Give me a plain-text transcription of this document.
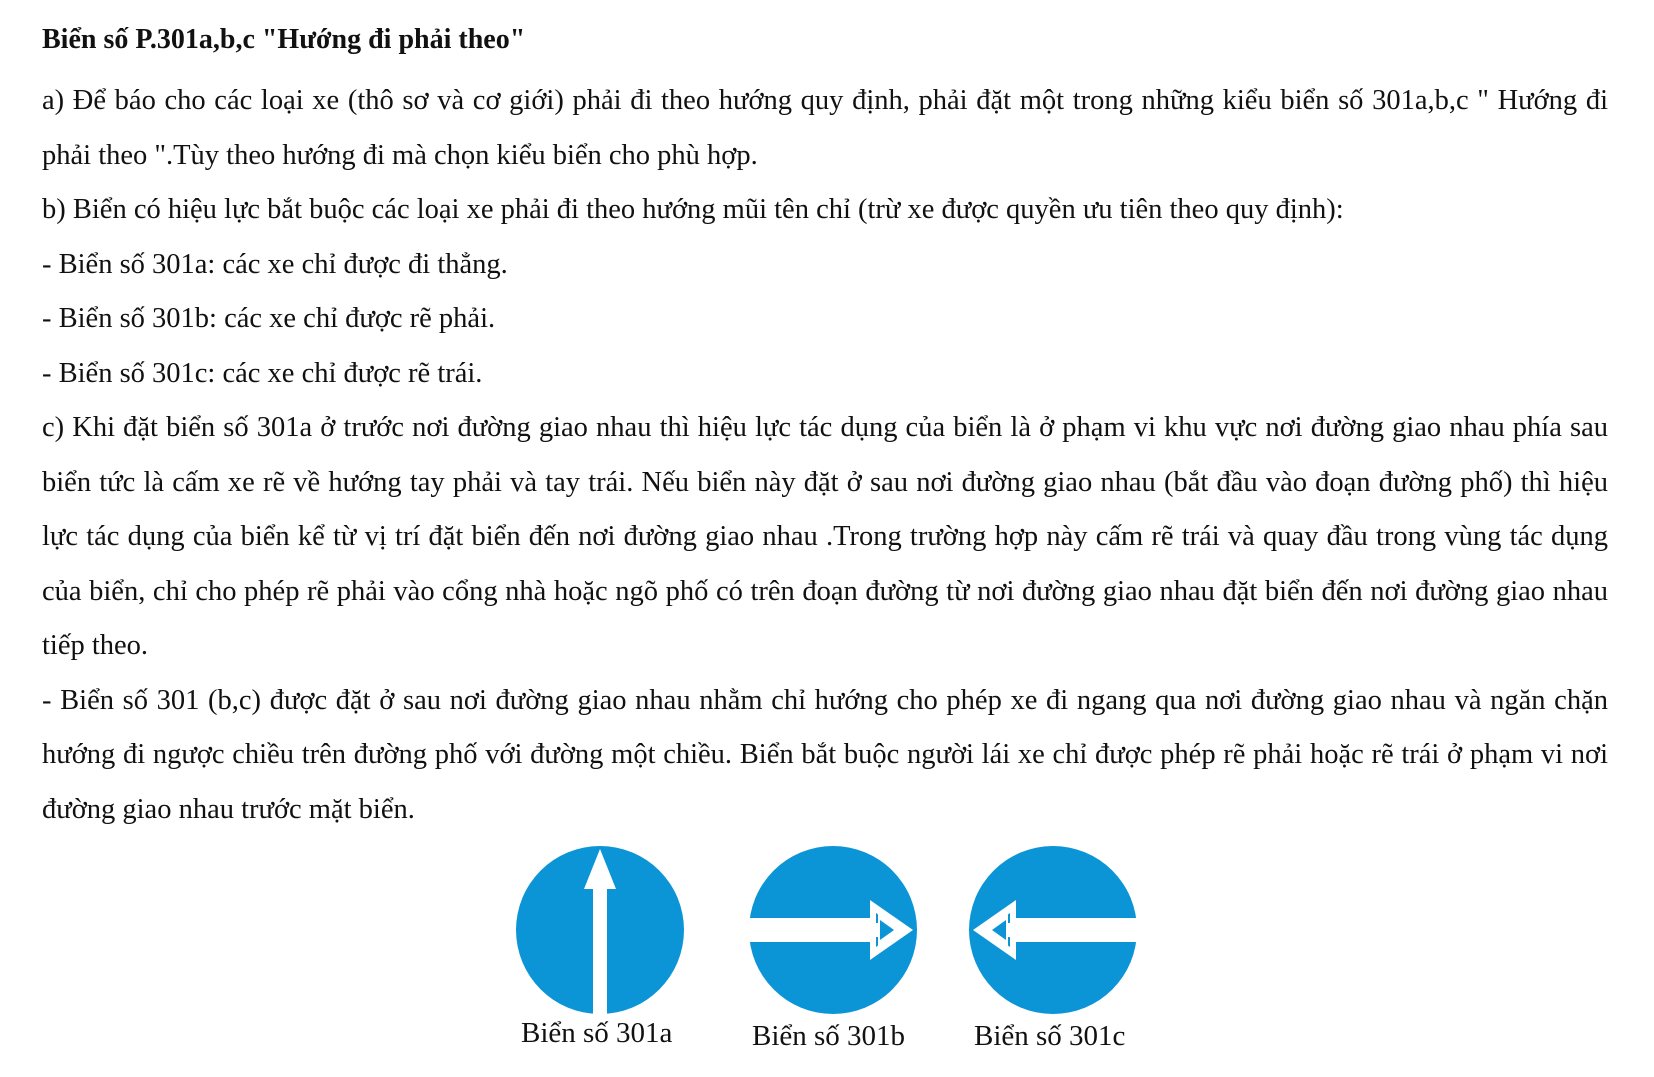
Biển số P.301a,b,c "Hướng đi phải theo"

a) Để báo cho các loại xe (thô sơ và cơ giới) phải đi theo hướng quy định, phải đặt một trong những kiểu biển số 301a,b,c " Hướng đi phải theo ".Tùy theo hướng đi mà chọn kiểu biển cho phù hợp.

b) Biển có hiệu lực bắt buộc các loại xe phải đi theo hướng mũi tên chỉ (trừ xe được quyền ưu tiên theo quy định):

- Biển số 301a: các xe chỉ được đi thẳng.

- Biển số 301b: các xe chỉ được rẽ phải.

- Biển số 301c: các xe chỉ được rẽ trái.

c) Khi đặt biển số 301a ở trước nơi đường giao nhau thì hiệu lực tác dụng của biển là ở phạm vi khu vực nơi đường giao nhau phía sau biển tức là cấm xe rẽ về hướng tay phải và tay trái. Nếu biển này đặt ở sau nơi đường giao nhau (bắt đầu vào đoạn đường phố) thì hiệu lực tác dụng của biển kể từ vị trí đặt biển đến nơi đường giao nhau .Trong trường hợp này cấm rẽ trái và quay đầu trong vùng tác dụng của biển, chỉ cho phép rẽ phải vào cổng nhà hoặc ngõ phố có trên đoạn đường từ nơi đường giao nhau đặt biển đến nơi đường giao nhau tiếp theo.

- Biển số 301 (b,c) được đặt ở sau nơi đường giao nhau nhằm chỉ hướng cho phép xe đi ngang qua nơi đường giao nhau và ngăn chặn hướng đi ngược chiều trên đường phố với đường một chiều. Biển bắt buộc người lái xe chỉ được phép rẽ phải hoặc rẽ trái ở phạm vi nơi đường giao nhau trước mặt biển.

Biển số 301a	Biển số 301b Biển số 301c
